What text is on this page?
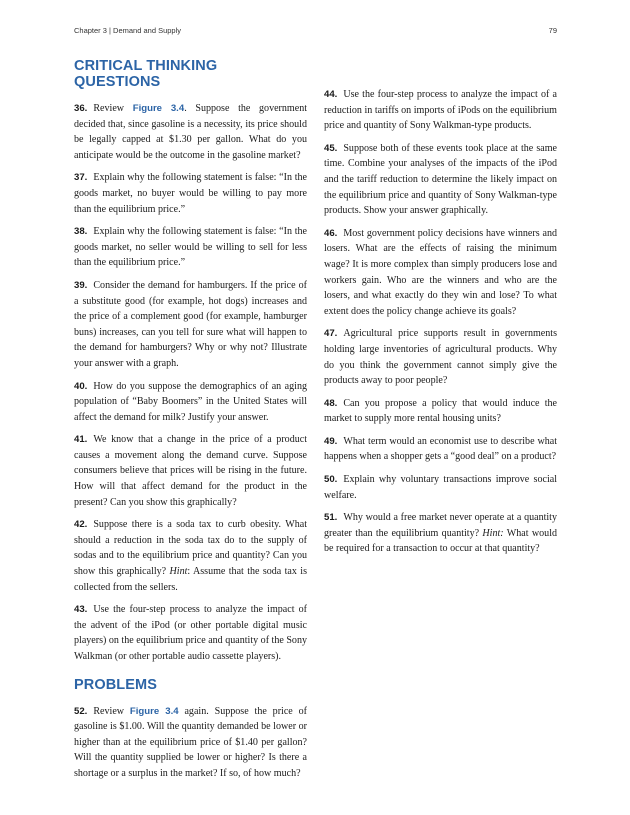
Chapter 3 | Demand and Supply	79
CRITICAL THINKING QUESTIONS

36. Review Figure 3.4. Suppose the government decided that, since gasoline is a necessity, its price should be legally capped at $1.30 per gallon. What do you anticipate would be the outcome in the gasoline market?

37. Explain why the following statement is false: “In the goods market, no buyer would be willing to pay more than the equilibrium price.”

38. Explain why the following statement is false: “In the goods market, no seller would be willing to sell for less than the equilibrium price.”

39. Consider the demand for hamburgers. If the price of a substitute good (for example, hot dogs) increases and the price of a complement good (for example, hamburger buns) increases, can you tell for sure what will happen to the demand for hamburgers? Why or why not? Illustrate your answer with a graph.

40. How do you suppose the demographics of an aging population of “Baby Boomers” in the United States will affect the demand for milk? Justify your answer.

41. We know that a change in the price of a product causes a movement along the demand curve. Suppose consumers believe that prices will be rising in the future. How will that affect demand for the product in the present? Can you show this graphically?

42. Suppose there is a soda tax to curb obesity. What should a reduction in the soda tax do to the supply of sodas and to the equilibrium price and quantity? Can you show this graphically? Hint: Assume that the soda tax is collected from the sellers.

43. Use the four-step process to analyze the impact of the advent of the iPod (or other portable digital music players) on the equilibrium price and quantity of the Sony Walkman (or other portable audio cassette players).

PROBLEMS

52. Review Figure 3.4 again. Suppose the price of gasoline is $1.00. Will the quantity demanded be lower or higher than at the equilibrium price of $1.40 per gallon? Will the quantity supplied be lower or higher? Is there a shortage or a surplus in the market? If so, of how much?

44. Use the four-step process to analyze the impact of a reduction in tariffs on imports of iPods on the equilibrium price and quantity of Sony Walkman-type products.

45. Suppose both of these events took place at the same time. Combine your analyses of the impacts of the iPod and the tariff reduction to determine the likely impact on the equilibrium price and quantity of Sony Walkman-type products. Show your answer graphically.

46. Most government policy decisions have winners and losers. What are the effects of raising the minimum wage? It is more complex than simply producers lose and workers gain. Who are the winners and who are the losers, and what exactly do they win and lose? To what extent does the policy change achieve its goals?

47. Agricultural price supports result in governments holding large inventories of agricultural products. Why do you think the government cannot simply give the products away to poor people?

48. Can you propose a policy that would induce the market to supply more rental housing units?

49. What term would an economist use to describe what happens when a shopper gets a “good deal” on a product?

50. Explain why voluntary transactions improve social welfare.

51. Why would a free market never operate at a quantity greater than the equilibrium quantity? Hint: What would be required for a transaction to occur at that quantity?
